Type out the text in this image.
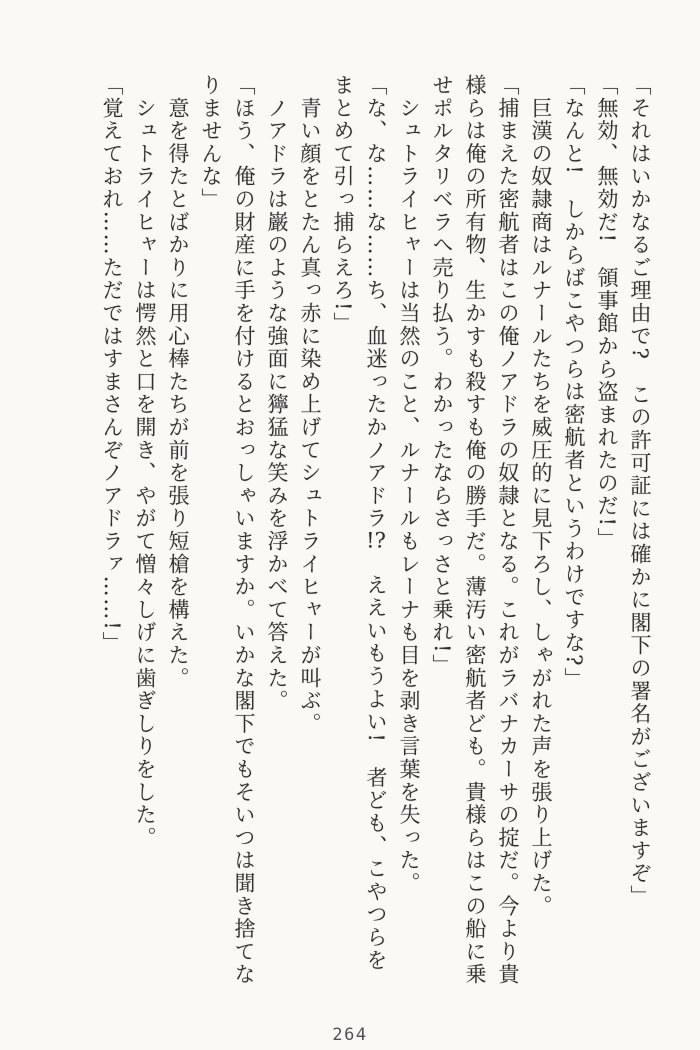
「それはいかなるご理由で?　この許可証には確かに閣下の署名がございますぞ」
「無効、無効だ!　領事館から盗まれたのだ!」
「なんと!　しからばこやつらは密航者というわけですな?」
　巨漢の奴隷商はルナールたちを威圧的に見下ろし、しゃがれた声を張り上げた。
「捕まえた密航者はこの俺ノアドラの奴隷となる。これがラバナカーサの掟だ。今より貴
様らは俺の所有物、生かすも殺すも俺の勝手だ。薄汚い密航者ども。貴様らはこの船に乗
せポルタリベラへ売り払う。わかったならさっさと乗れ!」
　シュトライヒャーは当然のこと、ルナールもレーナも目を剥き言葉を失った。
「な、な……な……ち、血迷ったかノアドラ!?　ええいもうよい!　者ども、こやつらを
まとめて引っ捕らえろ!」
　青い顔をとたん真っ赤に染め上げてシュトライヒャーが叫ぶ。
　ノアドラは巌のような強面に獰猛な笑みを浮かべて答えた。
「ほう、俺の財産に手を付けるとおっしゃいますか。いかな閣下でもそいつは聞き捨てな
りませんな」
　意を得たとばかりに用心棒たちが前を張り短槍を構えた。
　シュトライヒャーは愕然と口を開き、やがて憎々しげに歯ぎしりをした。
「覚えておれ……ただではすまさんぞノアドラァ……!」
264
